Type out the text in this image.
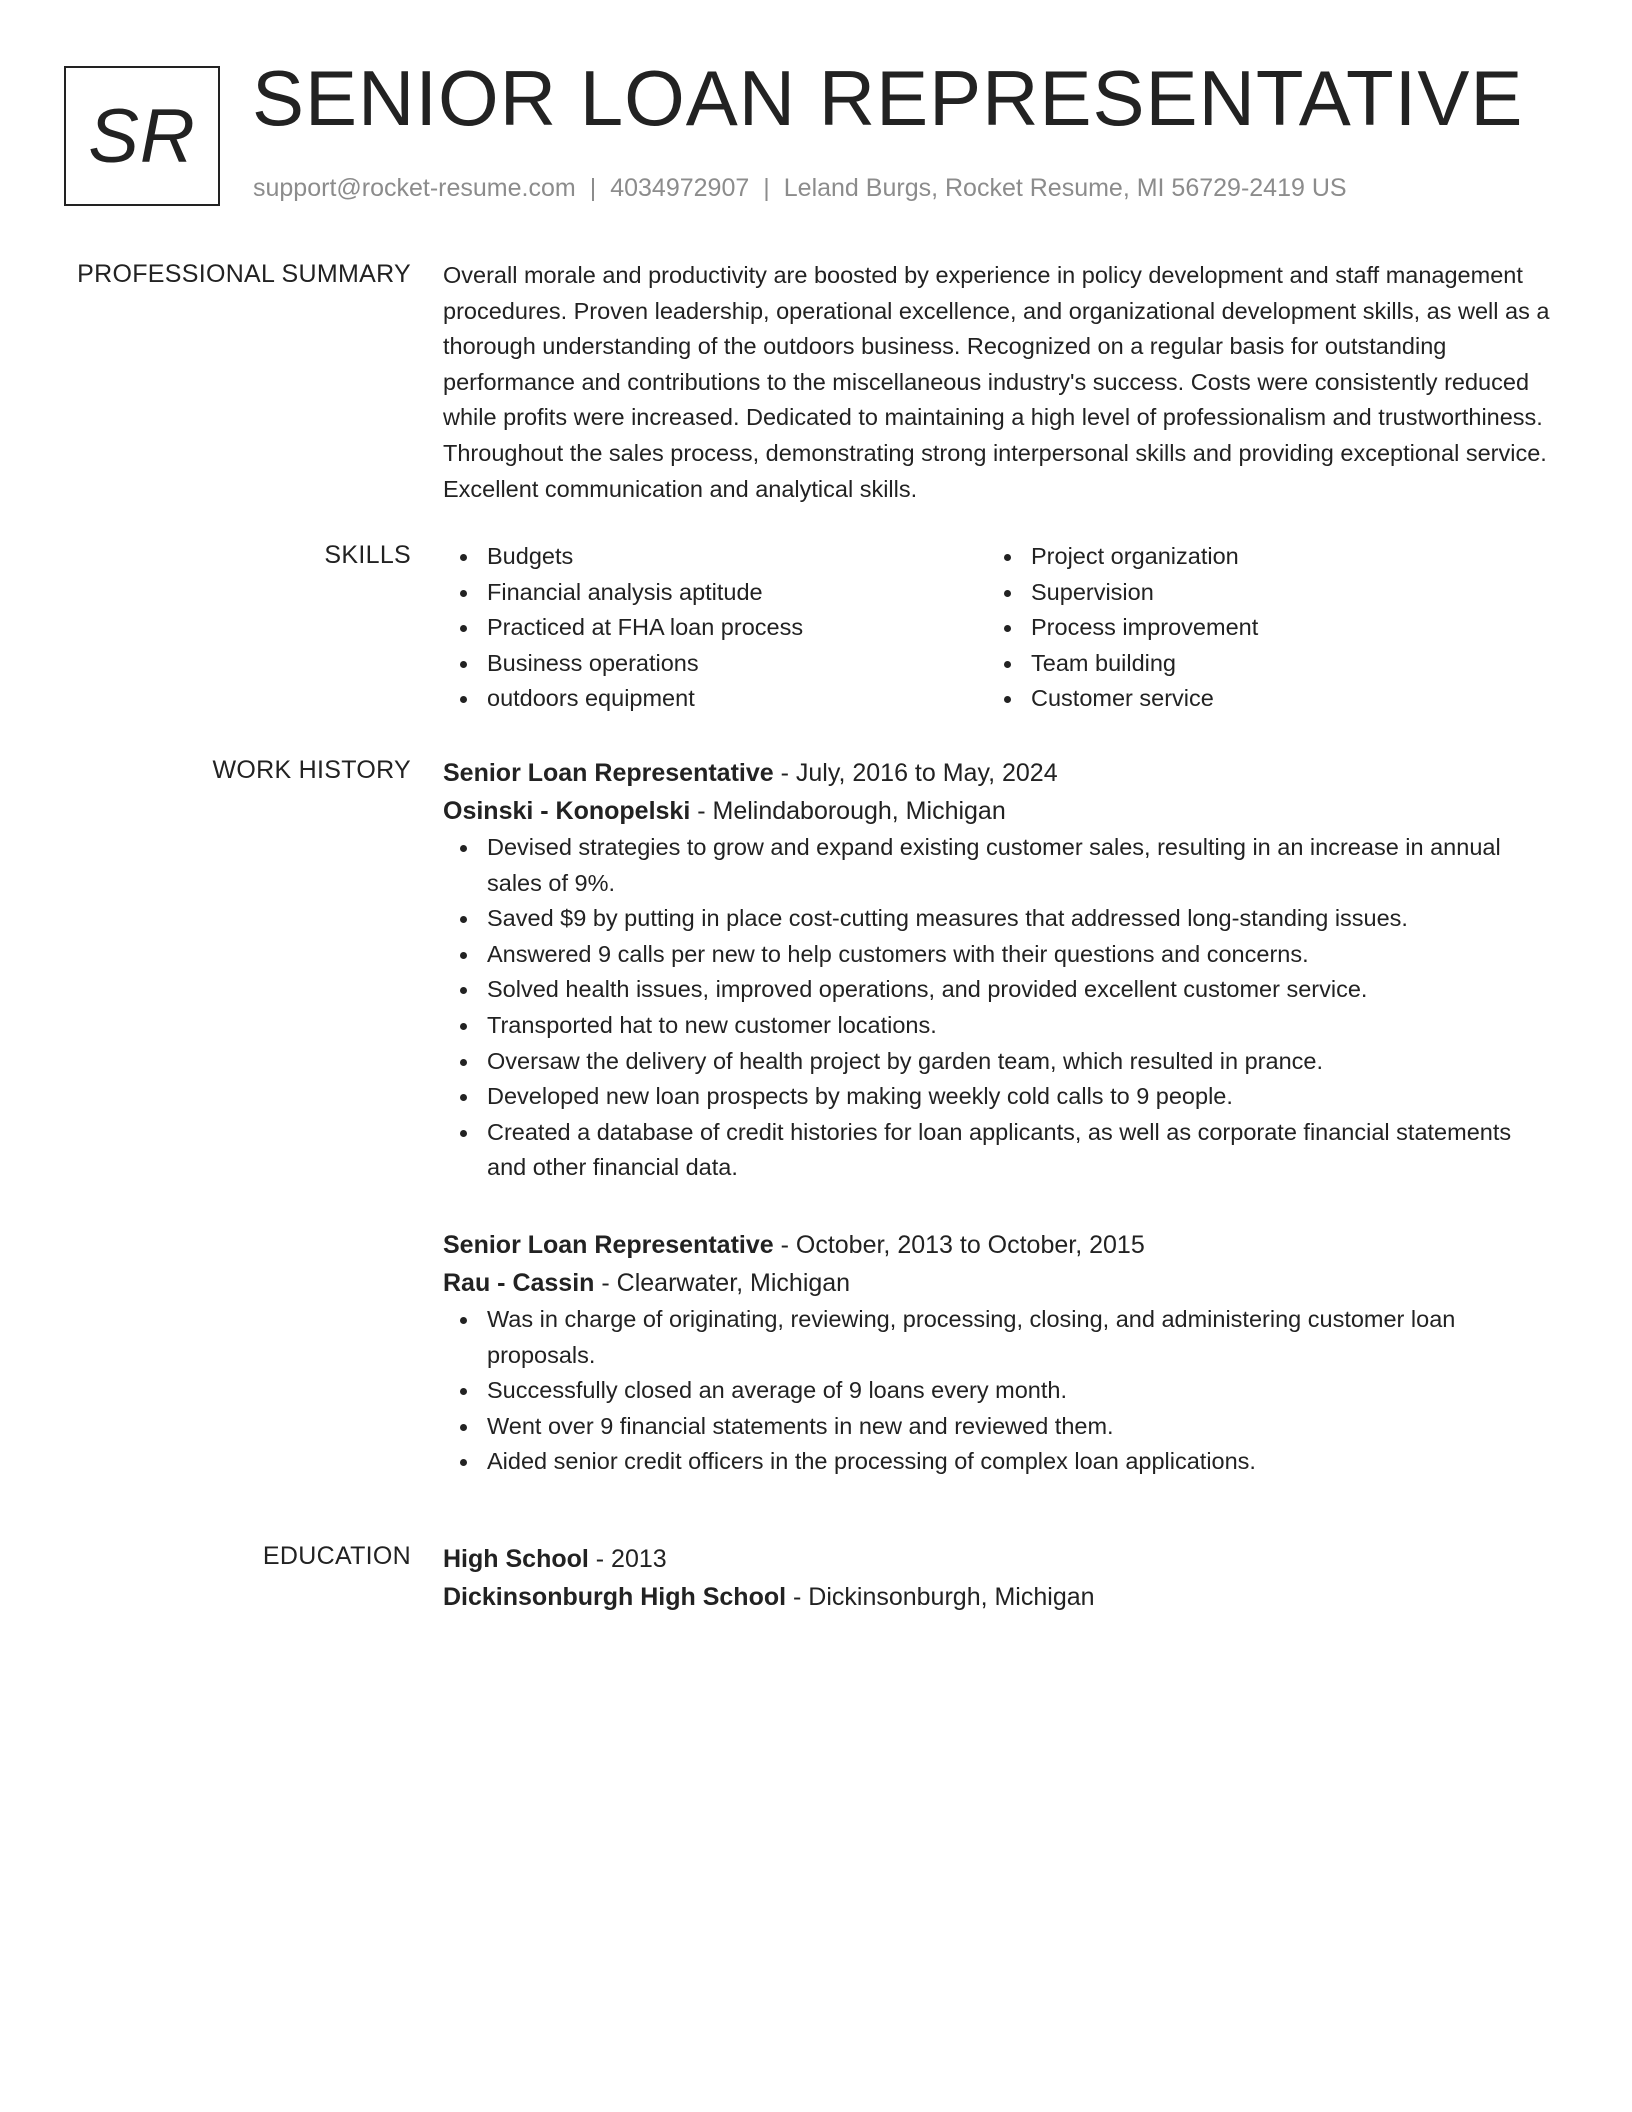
SR SENIOR LOAN REPRESENTATIVE
support@rocket-resume.com | 4034972907 | Leland Burgs, Rocket Resume, MI 56729-2419 US
PROFESSIONAL SUMMARY Overall morale and productivity are boosted by experience in policy development and staff management procedures. Proven leadership, operational excellence, and organizational development skills, as well as a thorough understanding of the outdoors business. Recognized on a regular basis for outstanding performance and contributions to the miscellaneous industry's success. Costs were consistently reduced while profits were increased. Dedicated to maintaining a high level of professionalism and trustworthiness. Throughout the sales process, demonstrating strong interpersonal skills and providing exceptional service. Excellent communication and analytical skills.

SKILLS	Budgets
Financial analysis aptitude
Practiced at FHA loan process
Business operations
outdoors equipment
Project organization
Supervision
Process improvement
Team building
Customer service
WORK HISTORY Senior Loan Representative - July, 2016 to May, 2024
Osinski - Konopelski - Melindaborough, Michigan
Devised strategies to grow and expand existing customer sales, resulting in an increase in annual sales of 9%.
Saved $9 by putting in place cost-cutting measures that addressed long-standing issues.
Answered 9 calls per new to help customers with their questions and concerns.
Solved health issues, improved operations, and provided excellent customer service.
Transported hat to new customer locations.
Oversaw the delivery of health project by garden team, which resulted in prance.
Developed new loan prospects by making weekly cold calls to 9 people.
Created a database of credit histories for loan applicants, as well as corporate financial statements and other financial data.
Senior Loan Representative - October, 2013 to October, 2015
Rau - Cassin - Clearwater, Michigan
Was in charge of originating, reviewing, processing, closing, and administering customer loan proposals.
Successfully closed an average of 9 loans every month.
Went over 9 financial statements in new and reviewed them.
Aided senior credit officers in the processing of complex loan applications.
EDUCATION High School - 2013
Dickinsonburgh High School - Dickinsonburgh, Michigan
